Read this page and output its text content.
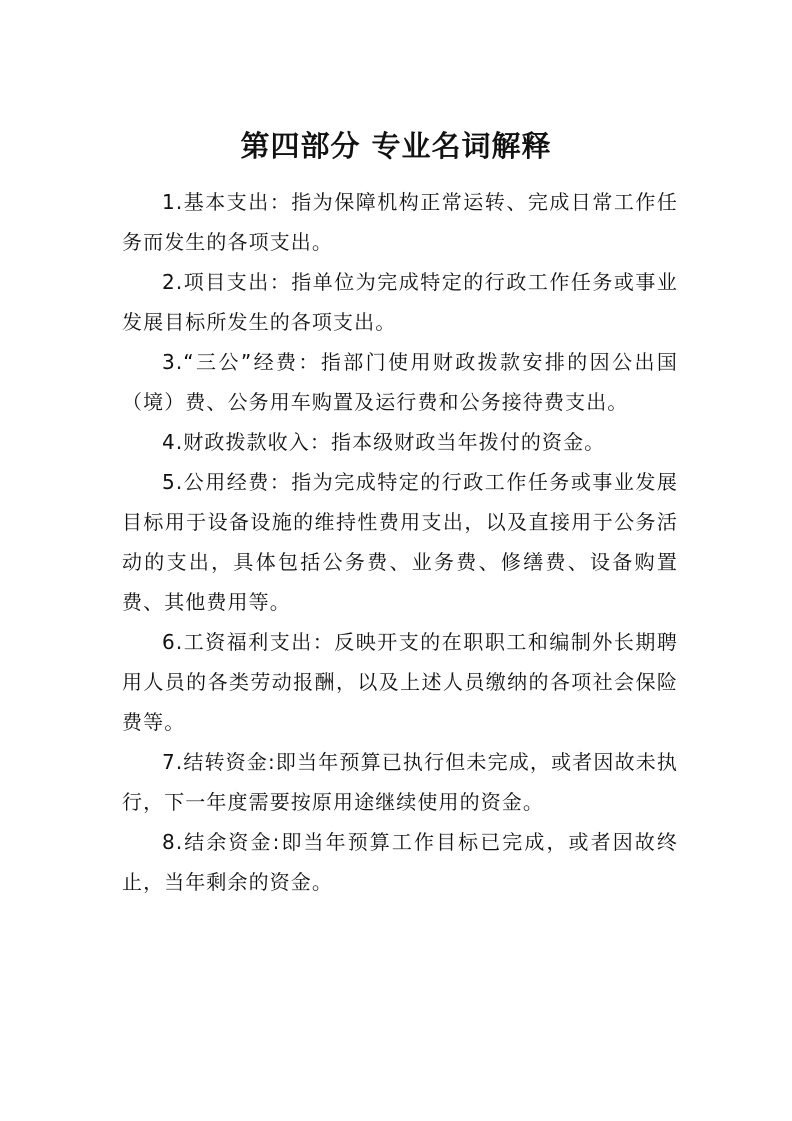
第四部分 专业名词解释

1.基本支出：指为保障机构正常运转、完成日常工作任务而发生的各项支出。

2.项目支出：指单位为完成特定的行政工作任务或事业发展目标所发生的各项支出。

3.“三公”经费：指部门使用财政拨款安排的因公出国（境）费、公务用车购置及运行费和公务接待费支出。

4.财政拨款收入：指本级财政当年拨付的资金。

5.公用经费：指为完成特定的行政工作任务或事业发展目标用于设备设施的维持性费用支出，以及直接用于公务活动的支出，具体包括公务费、业务费、修缮费、设备购置费、其他费用等。

6.工资福利支出：反映开支的在职职工和编制外长期聘用人员的各类劳动报酬，以及上述人员缴纳的各项社会保险费等。

7.结转资金:即当年预算已执行但未完成，或者因故未执行，下一年度需要按原用途继续使用的资金。

8.结余资金:即当年预算工作目标已完成，或者因故终止，当年剩余的资金。
